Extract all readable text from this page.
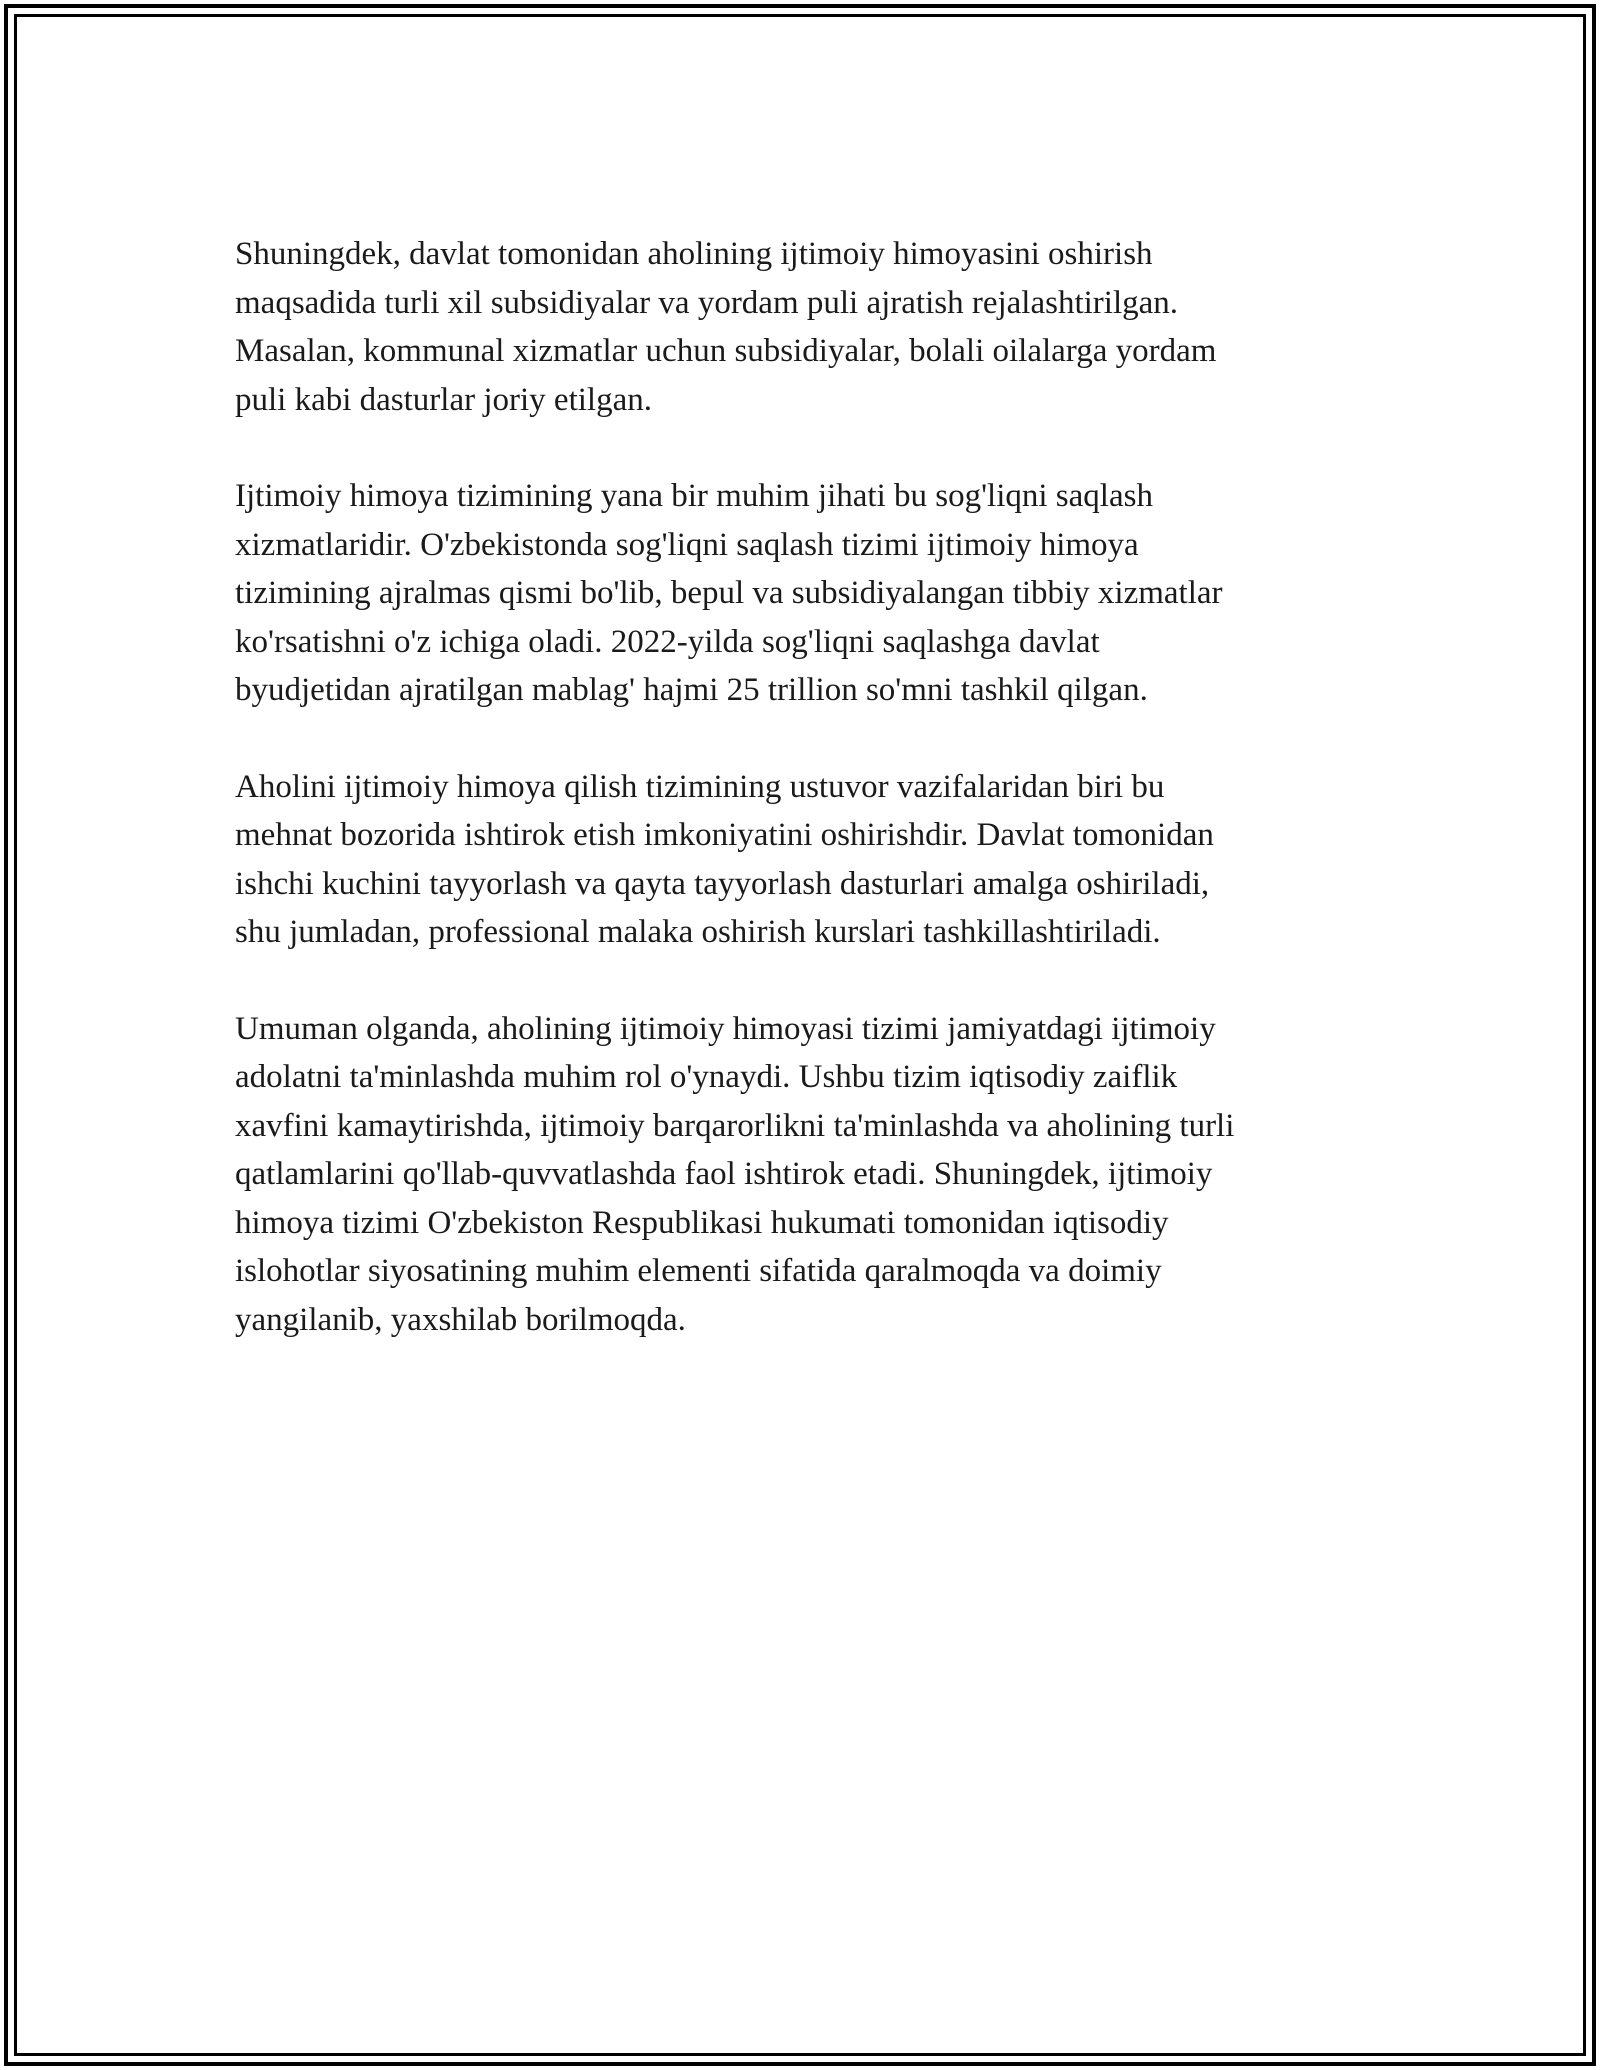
Shuningdek, davlat tomonidan aholining ijtimoiy himoyasini oshirish
maqsadida turli xil subsidiyalar va yordam puli ajratish rejalashtirilgan.
Masalan, kommunal xizmatlar uchun subsidiyalar, bolali oilalarga yordam
puli kabi dasturlar joriy etilgan.

Ijtimoiy himoya tizimining yana bir muhim jihati bu sog'liqni saqlash
xizmatlaridir. O'zbekistonda sog'liqni saqlash tizimi ijtimoiy himoya
tizimining ajralmas qismi bo'lib, bepul va subsidiyalangan tibbiy xizmatlar
ko'rsatishni o'z ichiga oladi. 2022-yilda sog'liqni saqlashga davlat
byudjetidan ajratilgan mablag' hajmi 25 trillion so'mni tashkil qilgan.

Aholini ijtimoiy himoya qilish tizimining ustuvor vazifalaridan biri bu
mehnat bozorida ishtirok etish imkoniyatini oshirishdir. Davlat tomonidan
ishchi kuchini tayyorlash va qayta tayyorlash dasturlari amalga oshiriladi,
shu jumladan, professional malaka oshirish kurslari tashkillashtiriladi.

Umuman olganda, aholining ijtimoiy himoyasi tizimi jamiyatdagi ijtimoiy
adolatni ta'minlashda muhim rol o'ynaydi. Ushbu tizim iqtisodiy zaiflik
xavfini kamaytirishda, ijtimoiy barqarorlikni ta'minlashda va aholining turli
qatlamlarini qo'llab-quvvatlashda faol ishtirok etadi. Shuningdek, ijtimoiy
himoya tizimi O'zbekiston Respublikasi hukumati tomonidan iqtisodiy
islohotlar siyosatining muhim elementi sifatida qaralmoqda va doimiy
yangilanib, yaxshilab borilmoqda.
